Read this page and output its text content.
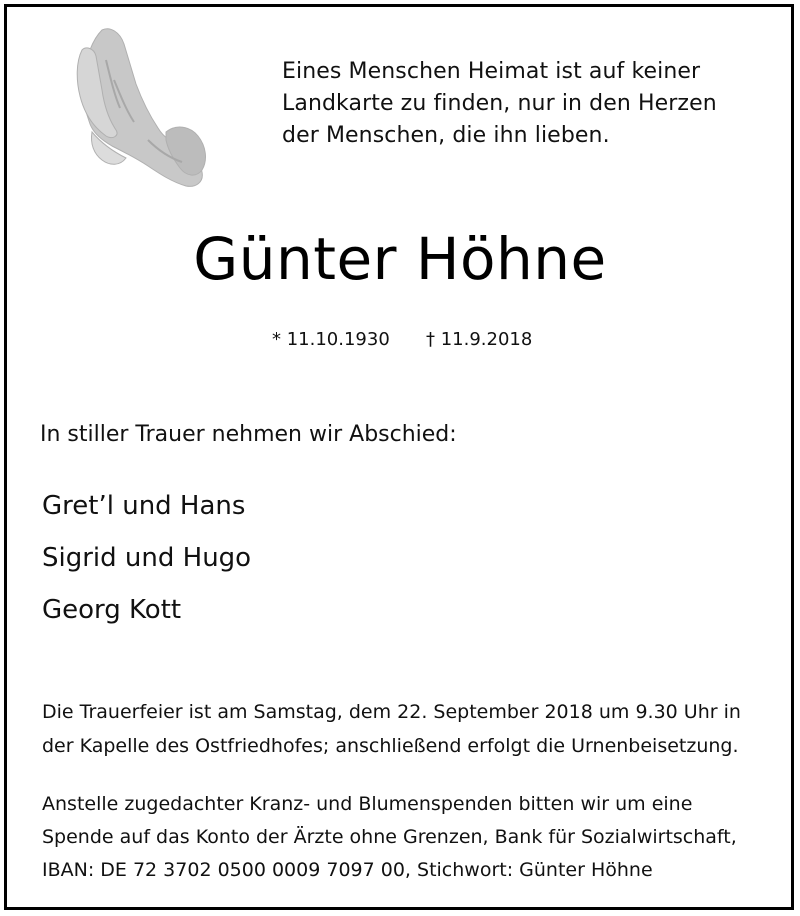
Eines Menschen Heimat ist auf keiner
Landkarte zu finden, nur in den Herzen
der Menschen, die ihn lieben.
Günter Höhne
* 11.10.1930 † 11.9.2018
In stiller Trauer nehmen wir Abschied:
Gret’l und Hans
Sigrid und Hugo
Georg Kott
Die Trauerfeier ist am Samstag, dem 22. September 2018 um 9.30 Uhr in
der Kapelle des Ostfriedhofes; anschließend erfolgt die Urnenbeisetzung.
Anstelle zugedachter Kranz- und Blumenspenden bitten wir um eine
Spende auf das Konto der Ärzte ohne Grenzen, Bank für Sozialwirtschaft,
IBAN: DE 72 3702 0500 0009 7097 00, Stichwort: Günter Höhne
